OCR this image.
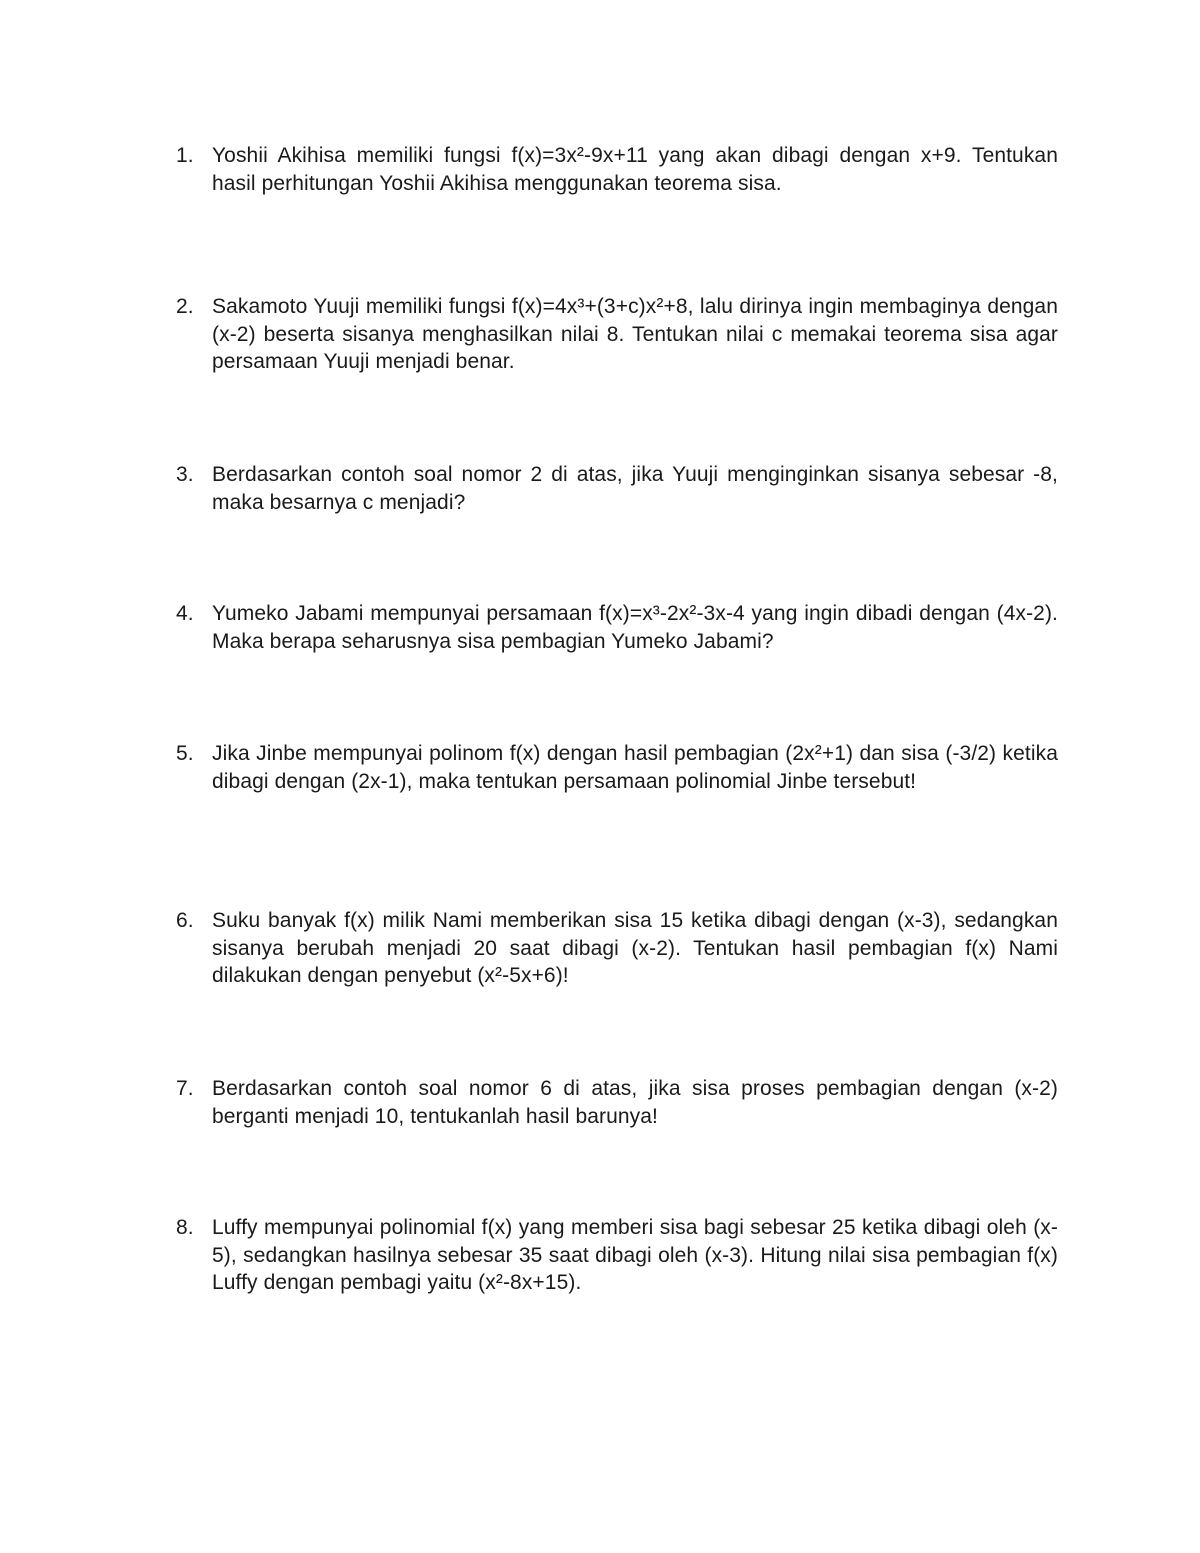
1. Yoshii Akihisa memiliki fungsi f(x)=3x²-9x+11 yang akan dibagi dengan x+9. Tentukan hasil perhitungan Yoshii Akihisa menggunakan teorema sisa.
2. Sakamoto Yuuji memiliki fungsi f(x)=4x³+(3+c)x²+8, lalu dirinya ingin membaginya dengan (x-2) beserta sisanya menghasilkan nilai 8. Tentukan nilai c memakai teorema sisa agar persamaan Yuuji menjadi benar.
3. Berdasarkan contoh soal nomor 2 di atas, jika Yuuji menginginkan sisanya sebesar -8, maka besarnya c menjadi?
4. Yumeko Jabami mempunyai persamaan f(x)=x³-2x²-3x-4 yang ingin dibadi dengan (4x-2). Maka berapa seharusnya sisa pembagian Yumeko Jabami?
5. Jika Jinbe mempunyai polinom f(x) dengan hasil pembagian (2x²+1) dan sisa (-3/2) ketika dibagi dengan (2x-1), maka tentukan persamaan polinomial Jinbe tersebut!
6. Suku banyak f(x) milik Nami memberikan sisa 15 ketika dibagi dengan (x-3), sedangkan sisanya berubah menjadi 20 saat dibagi (x-2). Tentukan hasil pembagian f(x) Nami dilakukan dengan penyebut (x²-5x+6)!
7. Berdasarkan contoh soal nomor 6 di atas, jika sisa proses pembagian dengan (x-2) berganti menjadi 10, tentukanlah hasil barunya!
8. Luffy mempunyai polinomial f(x) yang memberi sisa bagi sebesar 25 ketika dibagi oleh (x-5), sedangkan hasilnya sebesar 35 saat dibagi oleh (x-3). Hitung nilai sisa pembagian f(x) Luffy dengan pembagi yaitu (x²-8x+15).
